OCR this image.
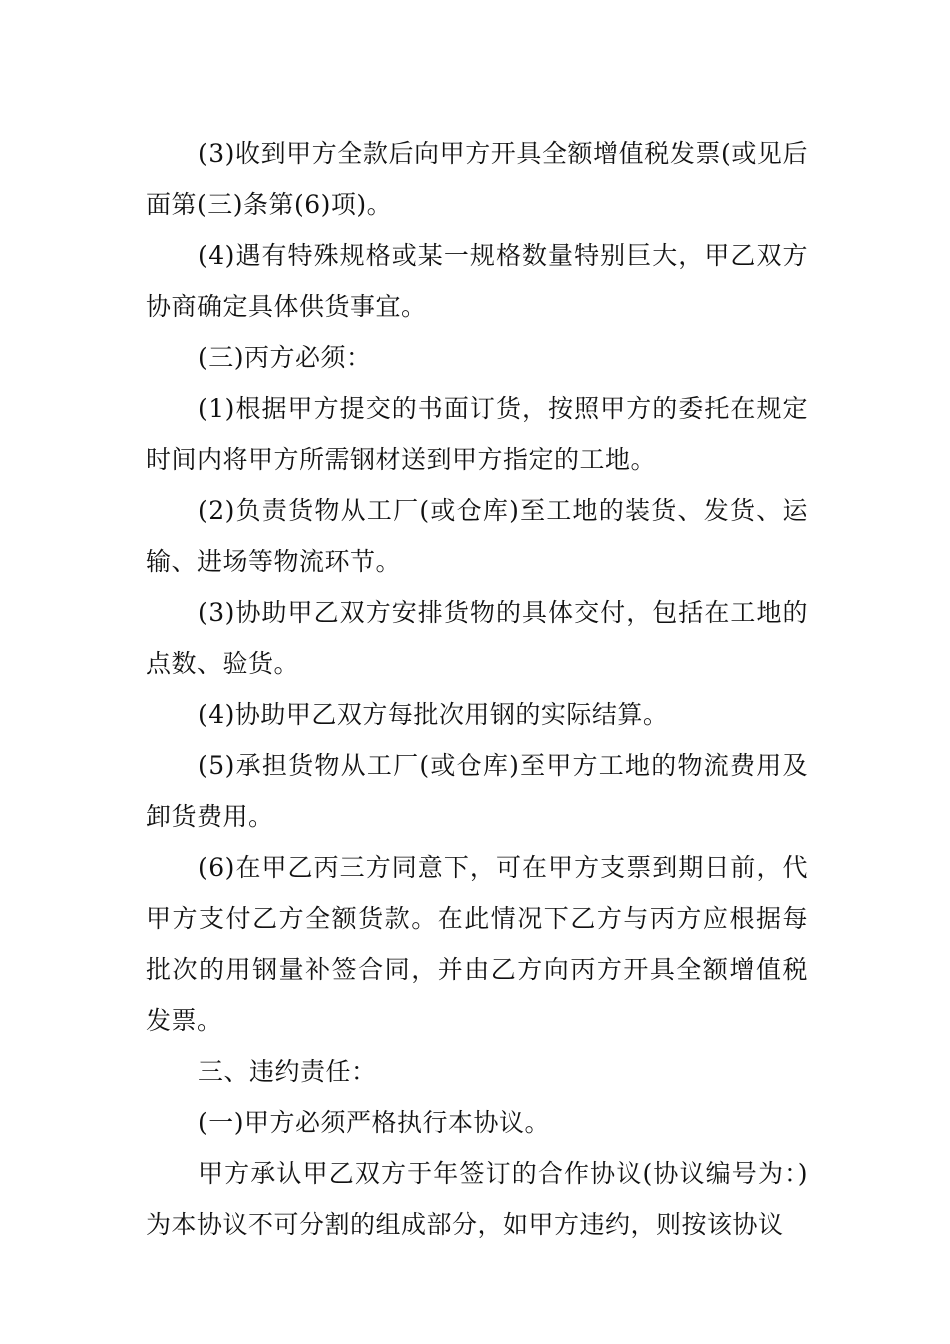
(3)收到甲方全款后向甲方开具全额增值税发票(或见后面第(三)条第(6)项)。

(4)遇有特殊规格或某一规格数量特别巨大，甲乙双方协商确定具体供货事宜。

(三)丙方必须：

(1)根据甲方提交的书面订货，按照甲方的委托在规定时间内将甲方所需钢材送到甲方指定的工地。

(2)负责货物从工厂(或仓库)至工地的装货、发货、运输、进场等物流环节。

(3)协助甲乙双方安排货物的具体交付，包括在工地的点数、验货。

(4)协助甲乙双方每批次用钢的实际结算。

(5)承担货物从工厂(或仓库)至甲方工地的物流费用及卸货费用。

(6)在甲乙丙三方同意下，可在甲方支票到期日前，代甲方支付乙方全额货款。在此情况下乙方与丙方应根据每批次的用钢量补签合同，并由乙方向丙方开具全额增值税发票。

三、违约责任：

(一)甲方必须严格执行本协议。

甲方承认甲乙双方于年签订的合作协议(协议编号为：)为本协议不可分割的组成部分，如甲方违约，则按该协议
